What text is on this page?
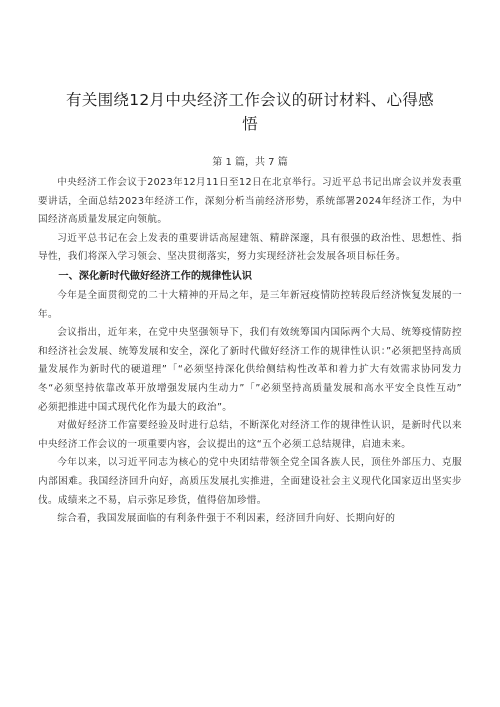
有关围绕12月中央经济工作会议的研讨材料、心得感
悟
第 1 篇，共 7 篇

中央经济工作会议于2023年12月11日至12日在北京举行。习近平总书记出席会议并发表重要讲话，全面总结2023年经济工作，深刻分析当前经济形势，系统部署2024年经济工作，为中国经济高质量发展定向领航。

习近平总书记在会上发表的重要讲话高屋建瓴、精辟深邃，具有很强的政治性、思想性、指导性，我们将深入学习领会、坚决贯彻落实，努力实现经济社会发展各项目标任务。

一、深化新时代做好经济工作的规律性认识

今年是全面贯彻党的二十大精神的开局之年，是三年新冠疫情防控转段后经济恢复发展的一年。

会议指出，近年来，在党中央坚强领导下，我们有效统筹国内国际两个大局、统筹疫情防控和经济社会发展、统筹发展和安全，深化了新时代做好经济工作的规律性认识：”必须把坚持高质量发展作为新时代的硬道理”「“必须坚持深化供给侧结构性改革和着力扩大有效需求协同发力冬“必须坚持依靠改革开放增强发展内生动力”「”必须坚持高质量发展和高水平安全良性互动”　　必须把推进中国式现代化作为最大的政治”。

对做好经济工作富要经验及时进行总结，不断深化对经济工作的规律性认识，是新时代以来中央经济工作会议的一项重要内容，会议提出的这“五个必须工总结规律，启迪未来。

今年以来，以习近平同志为核心的党中央团结带领全党全国各族人民，顶住外部压力、克服内部困难。我国经济回升向好，高质压发展扎实推进，全面建设社会主义现代化国家迈出坚实步伐。成绩来之不易，启示弥足珍货，值得倍加珍惜。

综合看，我国发展面临的有利条件强于不利因素，经济回升向好、长期向好的
